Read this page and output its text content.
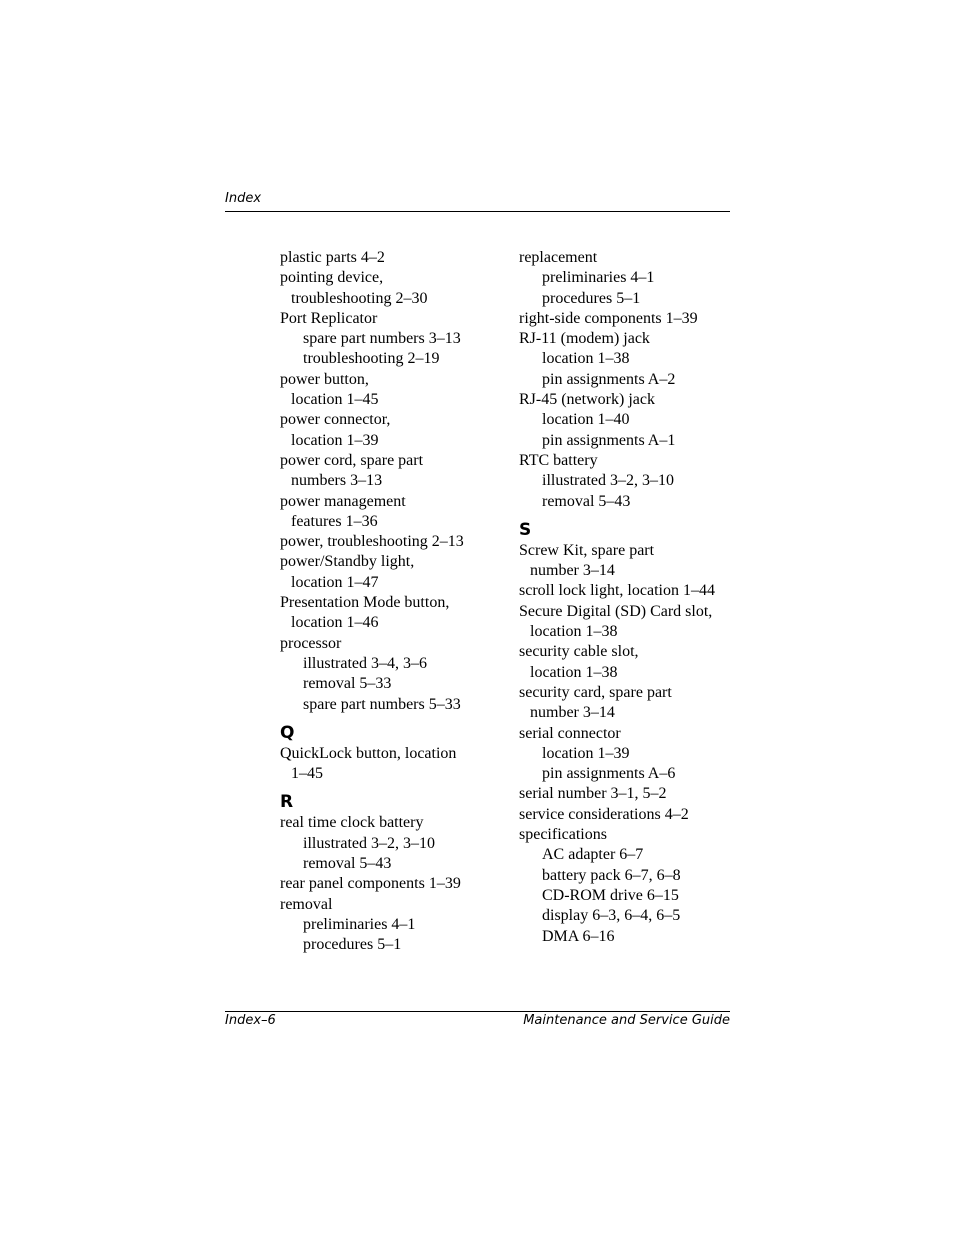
Index
plastic parts 4–2
pointing device,
troubleshooting 2–30
Port Replicator
spare part numbers 3–13
troubleshooting 2–19
power button,
location 1–45
power connector,
location 1–39
power cord, spare part
numbers 3–13
power management
features 1–36
power, troubleshooting 2–13
power/Standby light,
location 1–47
Presentation Mode button,
location 1–46
processor
illustrated 3–4, 3–6
removal 5–33
spare part numbers 5–33
Q
QuickLock button, location
1–45
R
real time clock battery
illustrated 3–2, 3–10
removal 5–43
rear panel components 1–39
removal
preliminaries 4–1
procedures 5–1
replacement
preliminaries 4–1
procedures 5–1
right-side components 1–39
RJ-11 (modem) jack
location 1–38
pin assignments A–2
RJ-45 (network) jack
location 1–40
pin assignments A–1
RTC battery
illustrated 3–2, 3–10
removal 5–43
S
Screw Kit, spare part
number 3–14
scroll lock light, location 1–44
Secure Digital (SD) Card slot,
location 1–38
security cable slot,
location 1–38
security card, spare part
number 3–14
serial connector
location 1–39
pin assignments A–6
serial number 3–1, 5–2
service considerations 4–2
specifications
AC adapter 6–7
battery pack 6–7, 6–8
CD-ROM drive 6–15
display 6–3, 6–4, 6–5
DMA 6–16
Index–6	Maintenance and Service Guide
